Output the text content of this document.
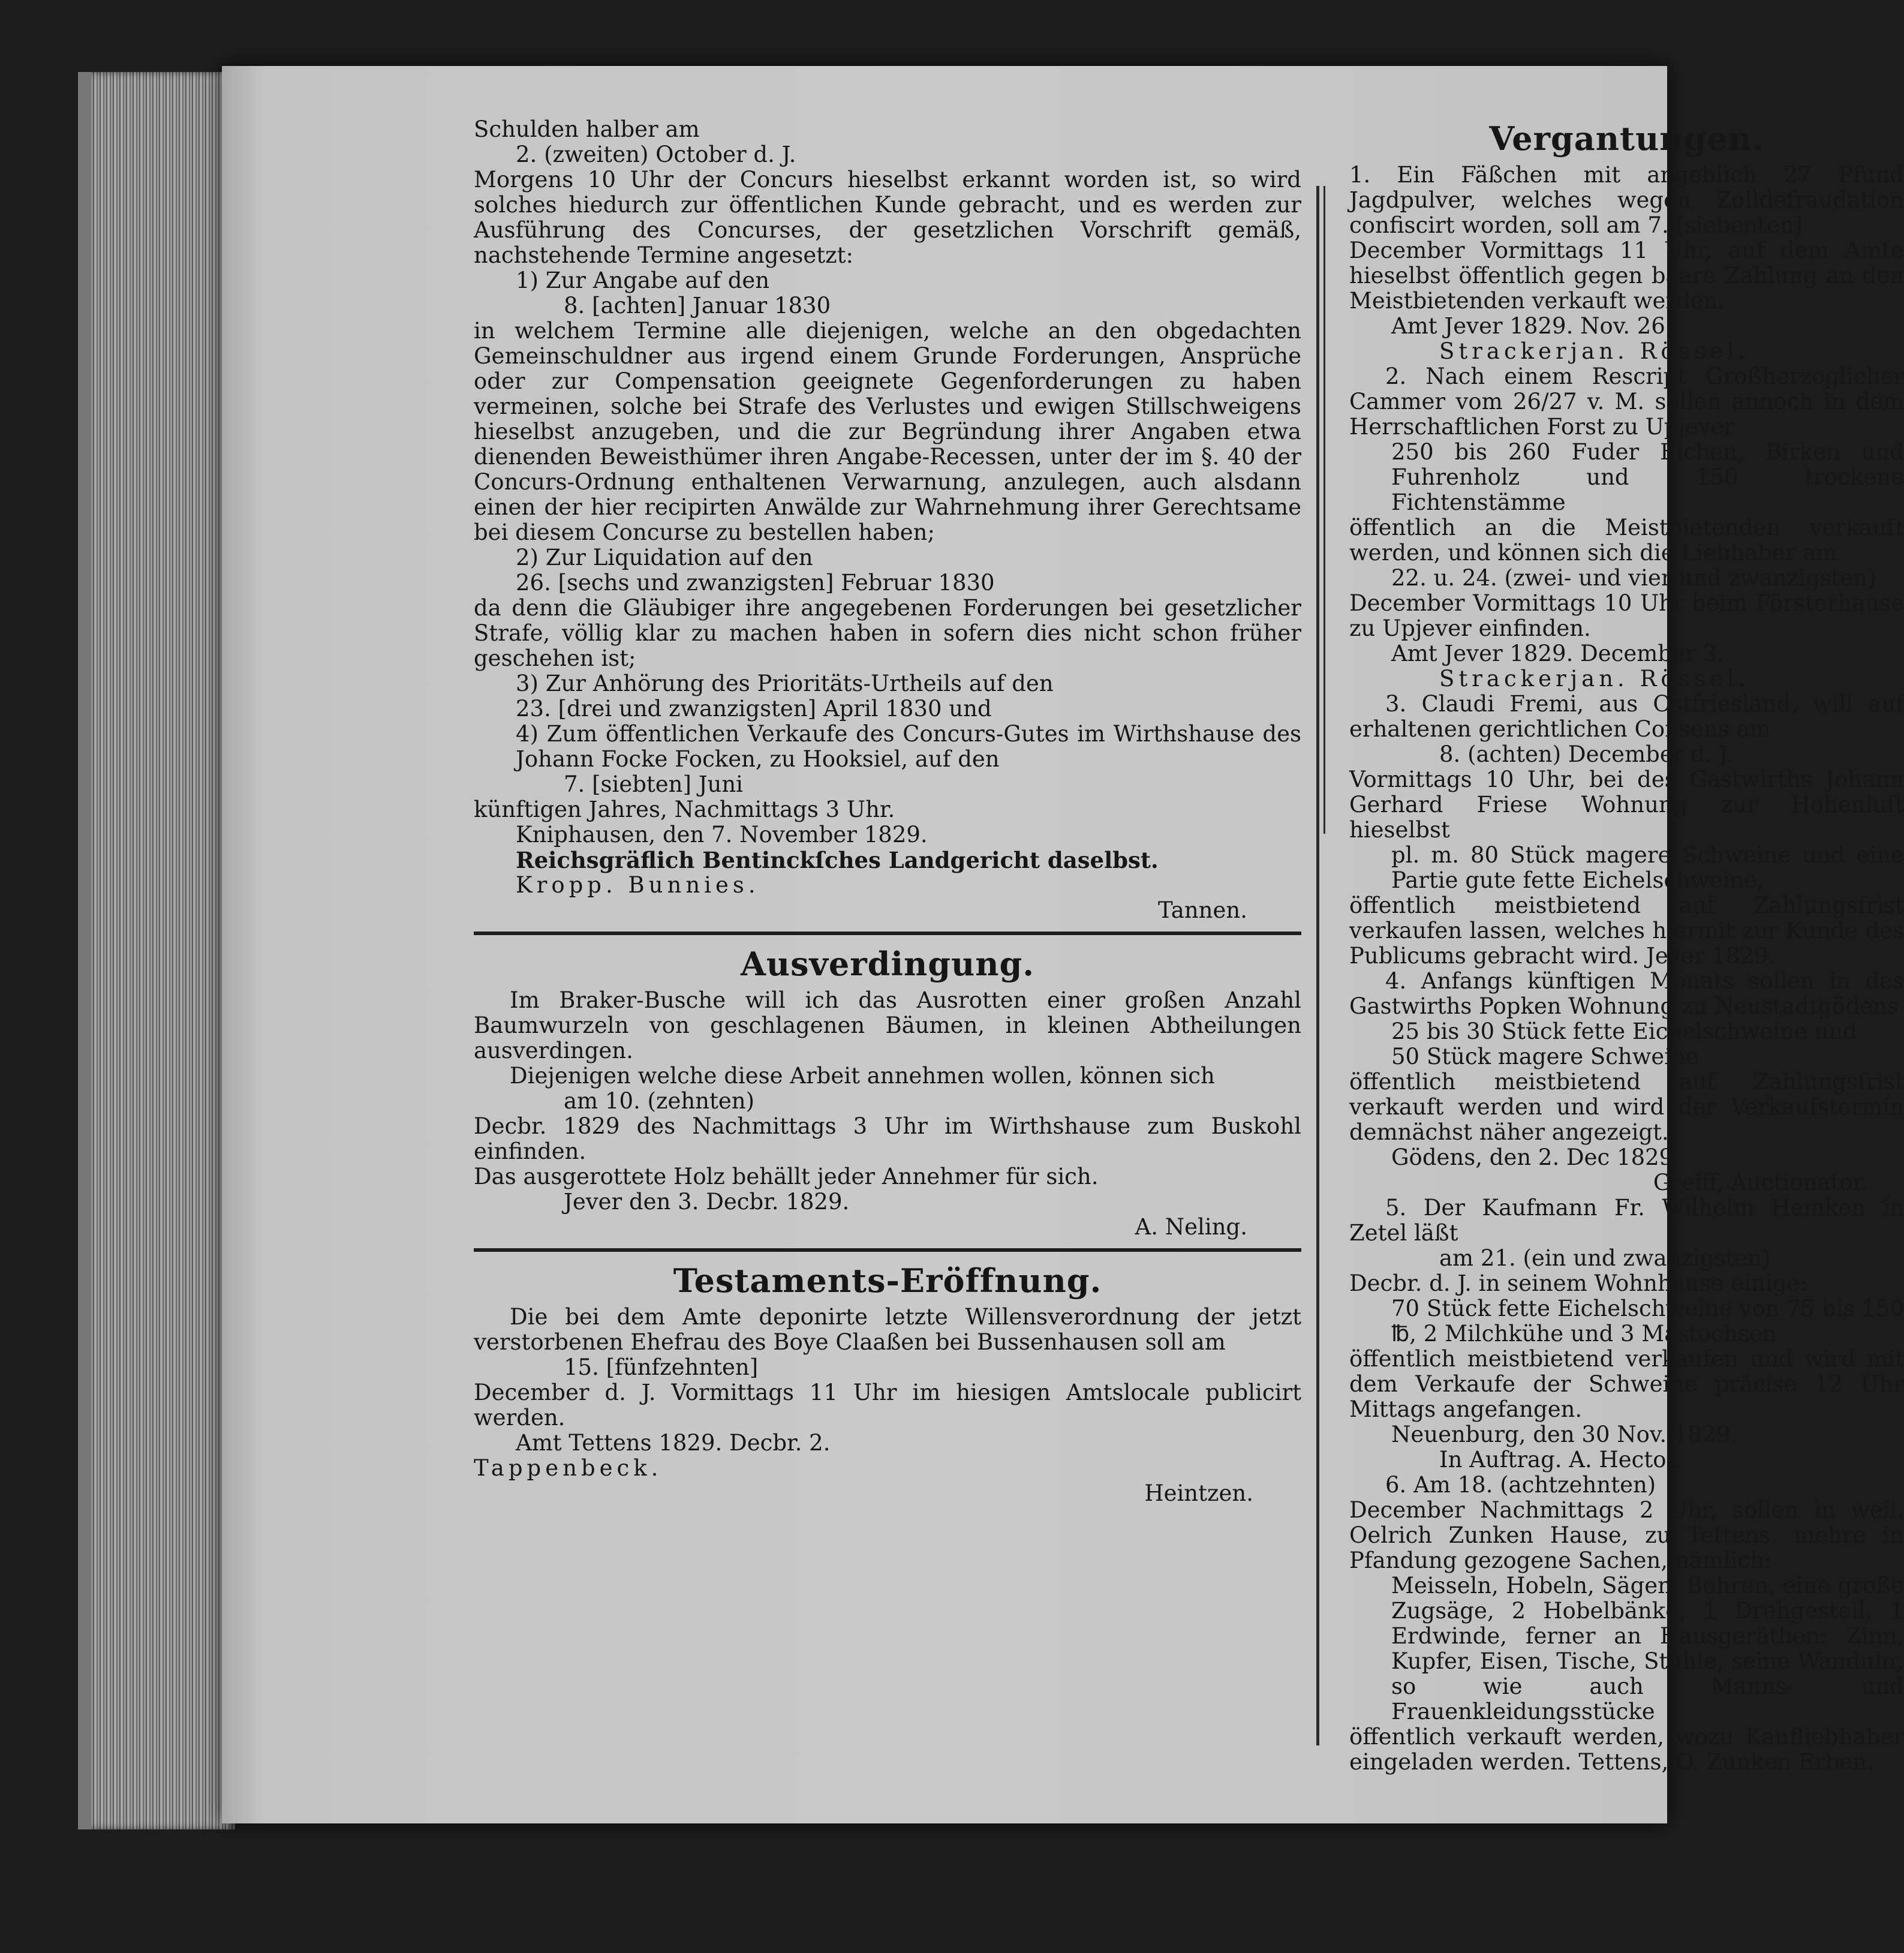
Schulden halber am

2. (zweiten) October d. J.

Morgens 10 Uhr der Concurs hieselbst erkannt worden ist, so wird solches hiedurch zur öffentlichen Kunde gebracht, und es werden zur Ausführung des Concurses, der gesetzlichen Vorschrift gemäß, nachstehende Termine angesetzt:

1) Zur Angabe auf den

8. [achten] Januar 1830

in welchem Termine alle diejenigen, welche an den obgedachten Gemeinschuldner aus irgend einem Grunde Forderungen, Ansprüche oder zur Compensation geeignete Gegenforderungen zu haben vermeinen, solche bei Strafe des Verlustes und ewigen Stillschweigens hieselbst anzugeben, und die zur Begründung ihrer Angaben etwa dienenden Beweisthümer ihren Angabe-Recessen, unter der im §. 40 der Concurs-Ordnung enthaltenen Verwarnung, anzulegen, auch alsdann einen der hier recipirten Anwälde zur Wahrnehmung ihrer Gerechtsame bei diesem Concurse zu bestellen haben;

2) Zur Liquidation auf den

26. [sechs und zwanzigsten] Februar 1830

da denn die Gläubiger ihre angegebenen Forderungen bei gesetzlicher Strafe, völlig klar zu machen haben in sofern dies nicht schon früher geschehen ist;

3) Zur Anhörung des Prioritäts-Urtheils auf den

23. [drei und zwanzigsten] April 1830 und

4) Zum öffentlichen Verkaufe des Concurs-Gutes im Wirthshause des Johann Focke Focken, zu Hooksiel, auf den

7. [siebten] Juni

künftigen Jahres, Nachmittags 3 Uhr.

Kniphausen, den 7. November 1829.

Reichsgräflich Bentinckſches Landgericht daselbst.

Kropp. Bunnies.

Tannen.

Ausverdingung.

Im Braker-Busche will ich das Ausrotten einer großen Anzahl Baumwurzeln von geschlagenen Bäumen, in kleinen Abtheilungen ausverdingen.

Diejenigen welche diese Arbeit annehmen wollen, können sich

am 10. (zehnten)

Decbr. 1829 des Nachmittags 3 Uhr im Wirthshause zum Buskohl einfinden.

Das ausgerottete Holz behällt jeder Annehmer für sich.

Jever den 3. Decbr. 1829.

A. Neling.

Testaments-Eröffnung.

Die bei dem Amte deponirte letzte Willensverordnung der jetzt verstorbenen Ehefrau des Boye Claaßen bei Bussenhausen soll am

15. [fünfzehnten]

December d. J. Vormittags 11 Uhr im hiesigen Amtslocale publicirt werden.

Amt Tettens 1829. Decbr. 2.

Tappenbeck.

Heintzen.

Vergantungen.

1. Ein Fäßchen mit angeblich 27 Pfund Jagdpulver, welches wegen Zolldefraudation confiscirt worden, soll am 7. [siebenten]

December Vormittags 11 Uhr, auf dem Amte hieselbst öffentlich gegen baare Zahlung an den Meistbietenden verkauft werden.

Amt Jever 1829. Nov. 26.

Strackerjan. Rössel.

2. Nach einem Rescript Großherzoglicher Cammer vom 26/27 v. M. sollen annoch in dem Herrschaftlichen Forst zu Upjever

250 bis 260 Fuder Eichen, Birken und Fuhrenholz und 150 trockene Fichtenstämme

öffentlich an die Meistbietenden verkauft werden, und können sich die Liebhaber am

22. u. 24. (zwei- und vier und zwanzigsten)

December Vormittags 10 Uhr beim Försterhause zu Upjever einfinden.

Amt Jever 1829. December 3.

Strackerjan. Rössel.

3. Claudi Fremi, aus Ostfriesland, will auf erhaltenen gerichtlichen Consens am

8. (achten) December d. J.

Vormittags 10 Uhr, bei des Gastwirths Johann Gerhard Friese Wohnung zur Hohenluft hieselbst

pl. m. 80 Stück magere Schweine und eine Partie gute fette Eichelschweine,

öffentlich meistbietend auf Zahlungsfrist verkaufen lassen, welches hiermit zur Kunde des Publicums gebracht wird. Jever 1829.

4. Anfangs künftigen Monats sollen in des Gastwirths Popken Wohnung zu Neustadtgödens

25 bis 30 Stück fette Eichelschweine und

50 Stück magere Schweine

öffentlich meistbietend auf Zahlungsfrist verkauft werden und wird der Verkaufstermin demnächst näher angezeigt.

Gödens, den 2. Dec 1829.

Greiff, Auctionator.

5. Der Kaufmann Fr. Wilhelm Hemken in Zetel läßt

am 21. (ein und zwanzigsten)

Decbr. d. J. in seinem Wohnhause einige:

70 Stück fette Eichelschweine von 75 bis 150 ℔, 2 Milchkühe und 3 Mastochsen

öffentlich meistbietend verkaufen und wird mit dem Verkaufe der Schweine präcise 12 Uhr Mittags angefangen.

Neuenburg, den 30 Nov. 1829.

In Auftrag. A. Hector.

6. Am 18. (achtzehnten)

December Nachmittags 2 Uhr, sollen in weil. Oelrich Zunken Hause, zu Tettens, mehre in Pfandung gezogene Sachen, nämlich:

Meisseln, Hobeln, Sägen, Bohren, eine große Zugsäge, 2 Hobelbänke, 1 Drehgestell, 1 Erdwinde, ferner an Hausgeräthen: Zinn, Kupfer, Eisen, Tische, Stühle, seine Wanduhr, so wie auch Manns- und Frauenkleidungsstücke

öffentlich verkauft werden, wozu Kaufliebhaber eingeladen werden. Tettens, O. Zunken Erben.
